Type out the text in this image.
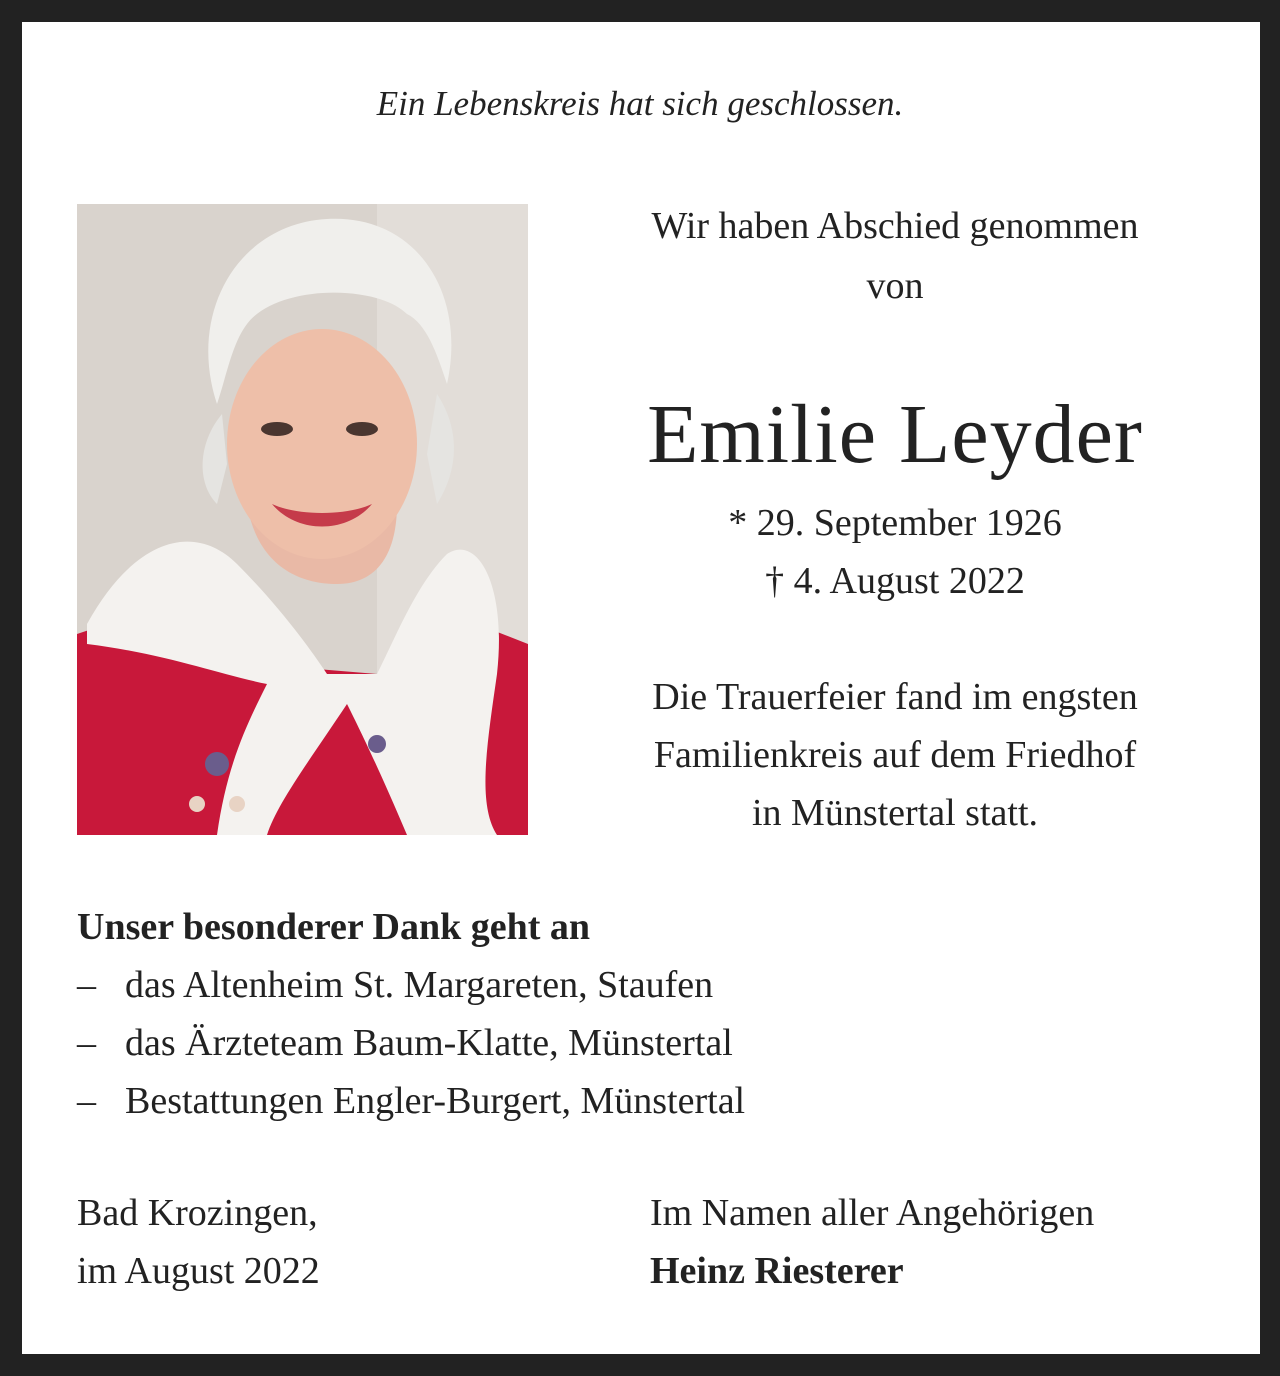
Ein Lebenskreis hat sich geschlossen.
Wir haben Abschied genommen
von
Emilie Leyder
* 29. September 1926
† 4. August 2022
Die Trauerfeier fand im engsten
Familienkreis auf dem Friedhof
in Münstertal statt.
Unser besonderer Dank geht an
– das Altenheim St. Margareten, Staufen
– das Ärzteteam Baum-Klatte, Münstertal
– Bestattungen Engler-Burgert, Münstertal
Bad Krozingen,
im August 2022
Im Namen aller Angehörigen
Heinz Riesterer
